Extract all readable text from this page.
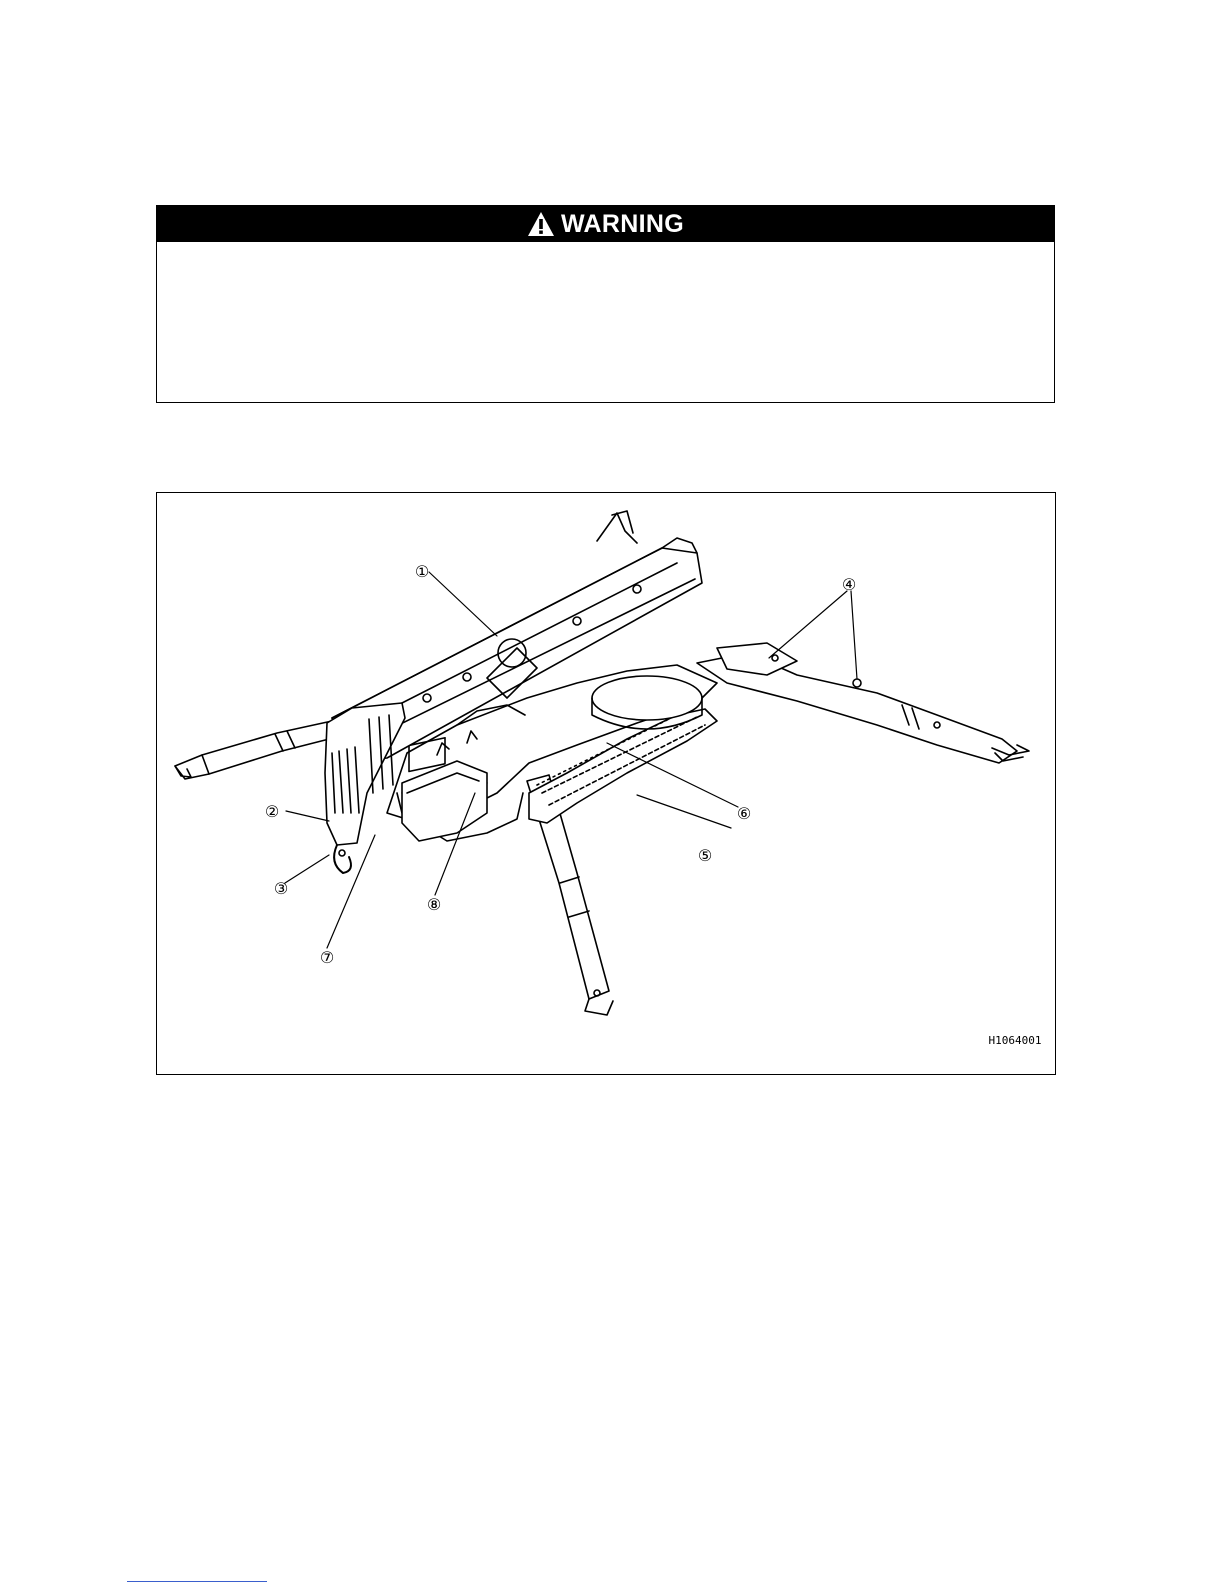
WARNING
①
②
③
④
⑤
⑥
⑦
⑧
H1064001
